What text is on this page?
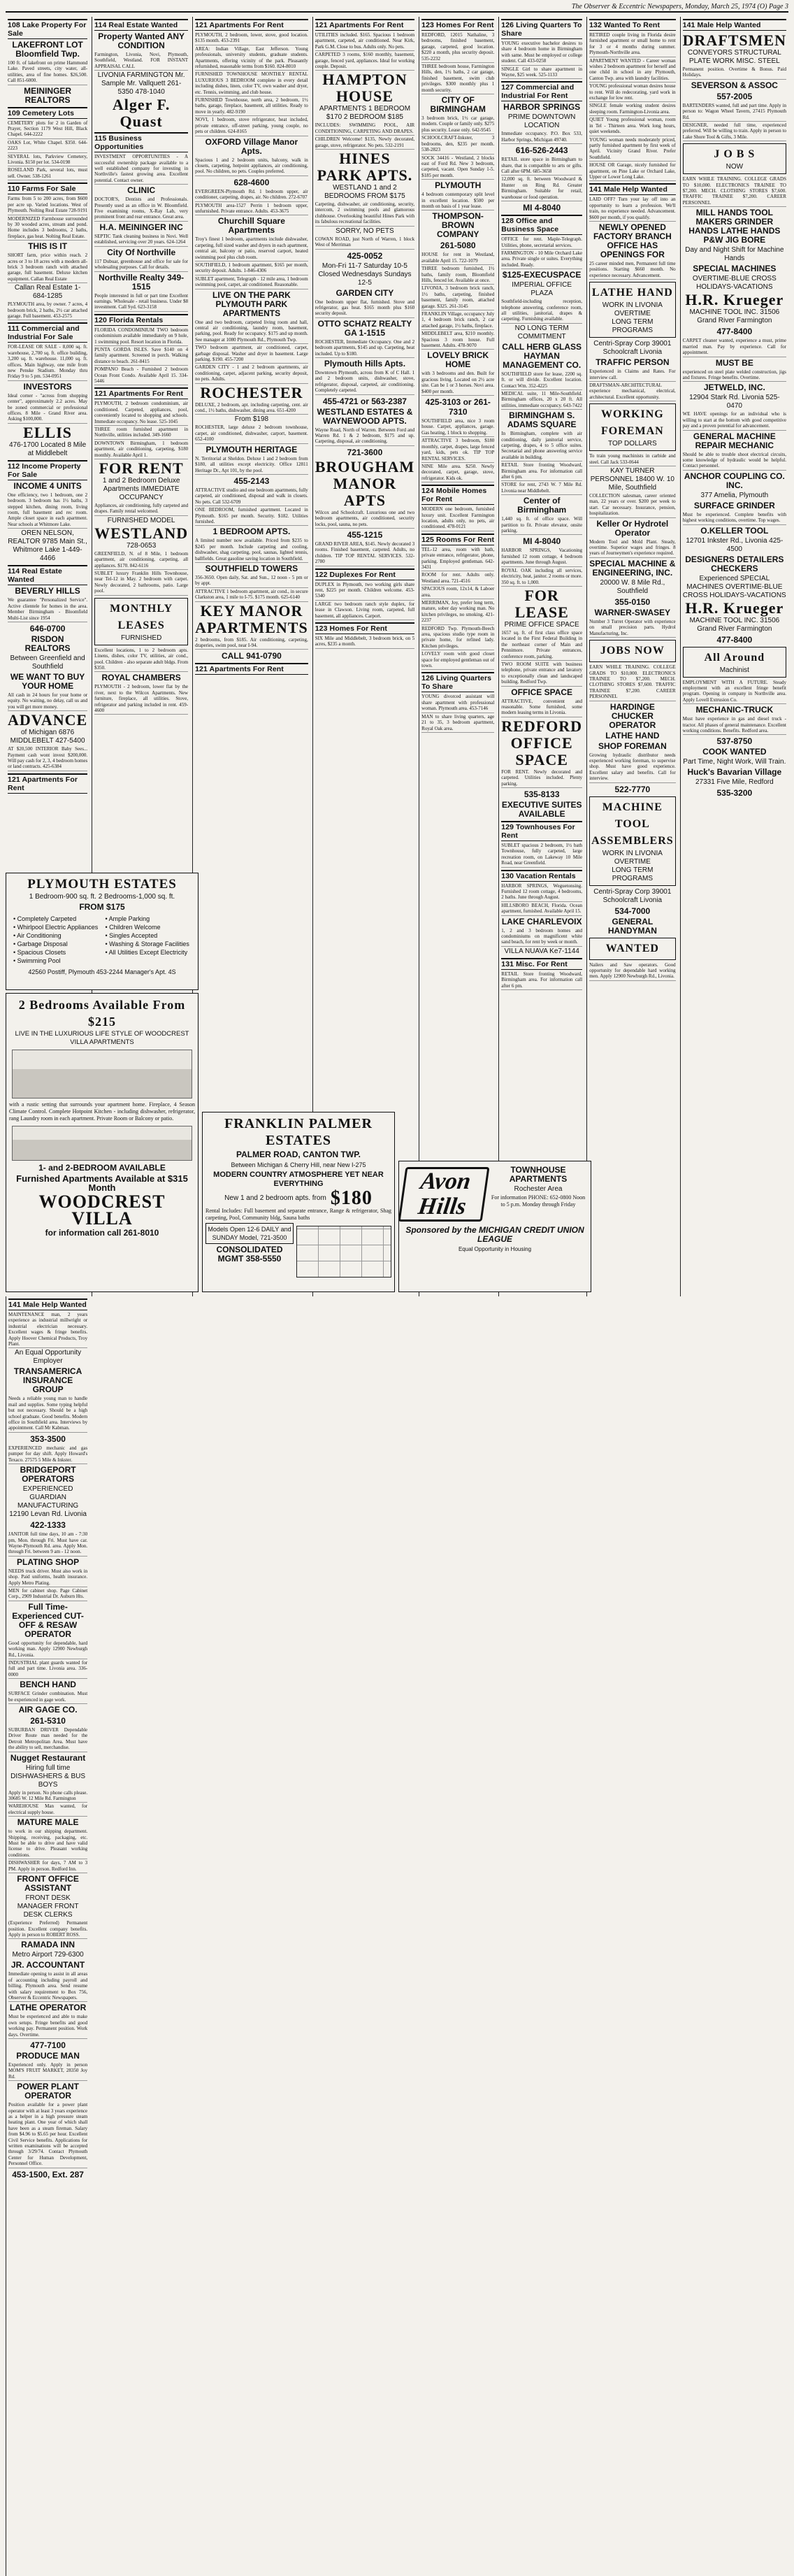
The Observer & Eccentric Newspapers, Monday, March 25, 1974 (O) Page 3
108 Lake Property For Sale
LAKEFRONT LOT Bloomfield Twp.
100 ft. of lakefront on prime Hammond Lake. Paved streets, city water, all-utilities, area of fine homes. $26,500. Call 851-6000.
MEININGER REALTORS
109 Cemetery Lots
CEMETERY plots for 2 in Garden of Prayer, Section 1179 West Hill, Black Chapel. 644-2222
OAKS Lot, White Chapel. $350. 644-2223
SEVERAL lots, Parkview Cemetery, Livonia. $150 per lot. 534-0198
ROSELAND Park, several lots, must sell. Owner. 538-1261
110 Farms For Sale
Farms from 5 to 200 acres, from $600 per acre up. Varied locations. West of Plymouth. Nolting Real Estate 728-9191
MODERNIZED Farmhouse surrounded by 30 wooded acres, stream and pond. Home includes 3 bedrooms, 2 baths, fireplace, gas heat. Nolting Real Estate.
THIS IS IT
SHORT farm, price within reach. 2 acres or 3 to 18 acres with a modern all-brick 3 bedroom ranch with attached garage, full basement. Deluxe kitchen equipment. Callan Real Estate
Callan Real Estate 1-684-1285
PLYMOUTH area, by owner. 7 acres, 4 bedroom brick, 2 baths, 2½ car attached garage. Full basement. 453-2575
111 Commercial and Industrial For Sale
FOR-LEASE OR SALE - 8,000 sq. ft. warehouse, 2,700 sq. ft. office building, 3,200 sq. ft. warehouse. 11,000 sq. ft. offices. Main highway, one mile from new Penske Stadium. Monday thru Friday 9 to 5 pm. 534-0951
INVESTORS
Ideal corner - "across from shopping center", approximately 2.2 acres. May be zoned commercial or professional offices. 8 Mile - Grand River area. Asking $100,000.
ELLIS
476-1700 Located 8 Mile at Middlebelt
112 Income Property For Sale
INCOME 4 UNITS
One efficiency, two 1 bedroom, one 2 bedroom. 3 bedroom has 1½ baths, 3 stepped kitchen, dining room, living room, full basement and rec room. Ample closet space in each apartment. Near schools at Whitmore Lake.
OREN NELSON, REALTOR 9785 Main St., Whitmore Lake 1-449-4466
114 Real Estate Wanted
BEVERLY HILLS
We guarantee "Personalized Service". Active clientele for homes in the area. Member Birmingham - Bloomfield Multi-List since 1954
646-0700
RISDON REALTORS
Between Greenfield and Southfield
WE WANT TO BUY YOUR HOME
All cash in 24 hours for your home or equity. No waiting, no delay, call us and you will get more money.
ADVANCE
of Michigan 6876 MIDDLEBELT 427-5400
AT $20,500 INTERIOR Baby Sees... Payment cash wont invest $200,000. Will pay cash for 2, 3, 4 bedroom homes or land contracts. 425-6384
121 Apartments For Rent
114 Real Estate Wanted
Property Wanted ANY CONDITION
Farmington, Livonia, Novi, Plymouth, Southfield, Westland. FOR INSTANT APPRAISAL CALL
LIVONIA FARMINGTON Mr. Sample Mr. Vallquett 261-5350 478-1040
Alger F. Quast
115 Business Opportunities
INVESTMENT OPPORTUNITIES - A successful ownership package available to a well established company for investing in Northville's fastest growing area. Excellent potential. Contact owner.
CLINIC
DOCTOR'S, Dentists and Professionals. Presently used as an office in W. Bloomfield. Five examining rooms, X-Ray Lab, very prominent front and rear entrance. Great area.
H.A. MEININGER INC
SEPTIC Tank cleaning business in Novi. Well established, servicing over 20 years. 624-1264
City Of Northville
117 Dubuar, greenhouse and office for sale for wholesaling purposes. Call for details.
Northville Realty 349-1515
People interested in full or part time Excellent earnings. Wholesale - retail business. Under $8 investment. Call Syd. 623-3158
120 Florida Rentals
FLORIDA CONDOMINIUM TWO bedroom condominium available immediately on 9 hole, 1 swimming pool. Resort location in Florida.
PUNTA GORDA ISLES. Save $140 on 4 family apartment. Screened in porch. Walking distance to beach. 261-8415
POMPANO Beach - Furnished 2 bedroom Ocean Front Condo. Available April 15. 334-5446
121 Apartments For Rent
PLYMOUTH, 2 bedroom condominium, air conditioned. Carpeted, appliances, pool, conveniently located to shopping and schools. Immediate occupancy. No lease. 525-1045
THREE room furnished apartment in Northville, utilities included. 349-1660
DOWNTOWN Birmingham, 1 bedroom apartment, air conditioning, carpeting, $180 monthly. Available April 1.
FOR RENT
1 and 2 Bedroom Deluxe Apartments IMMEDIATE OCCUPANCY
Appliances, air conditioning, fully carpeted and drapes. Family rental welcomed.
FURNISHED MODEL
WESTLAND
728-0653
GREENFIELD, N. of 8 Mile, 1 bedroom apartment, air conditioning, carpeting, all appliances. $170. 842-6116
SUBLET luxury Franklin Hills Townhouse, near Tel-12 in May. 2 bedroom with carpet. Newly decorated, 2 bathrooms, patio. Large pool.
MONTHLY LEASES
FURNISHED
Excellent locations, 1 to 2 bedroom apts. Linens, dishes, color TV, utilities, air cond., pool. Children - also separate adult bldgs. From $350.
ROYAL CHAMBERS
PLYMOUTH - 2 bedroom, lower flat by the river, next to the Wilcox Apartments. New furniture, fireplace, all utilities. Stove, refrigerator and parking included in rent. 459-4600
121 Apartments For Rent
PLYMOUTH, 2 bedroom, lower, stove, good location. $135 month. 453-2391
AREA: Indian Village, East Jefferson. Young professionals, university students, graduate students. Apartments, offering vicinity of the park. Pleasantly refurnished, reasonable terms from $160. 824-8010
FURNISHED TOWNHOUSE MONTHLY RENTAL LUXURIOUS 3 BEDROOM complete in every detail including dishes, linen, color TV, own washer and dryer, etc. Tennis, swimming, and club house.
FURNISHED Townhouse, north area, 2 bedroom, 1½ baths, garage, fireplace, basement, all utilities. Ready to move in yearly. 482-9190
NOVI, 1 bedroom, stove refrigerator, heat included, private entrance, off-street parking, young couple, no pets or children. 624-8165
OXFORD Village Manor Apts.
Spacious 1 and 2 bedroom units, balcony, walk in closets, carpeting, hotpoint appliances, air conditioning, pool. No children, no pets. Couples preferred.
628-4600
EVERGREEN-Plymouth Rd. 1 bedroom upper, air conditioner, carpeting, drapes, air. No children. 272-6707
PLYMOUTH area-1527 Perrin 1 bedroom upper, unfurnished. Private entrance. Adults. 453-3675
Churchill Square Apartments
Troy's finest 1 bedroom, apartments include dishwasher, carpeting, full sized washer and dryers in each apartment, central air, balcony or patio, reserved carport, heated swimming pool plus club room.
SOUTHFIELD, 1 bedroom apartment, $165 per month, security deposit. Adults. 1-846-4306
SUBLET apartment, Telegraph - 12 mile area, 1 bedroom swimming pool, carpet, air conditioned. Reasonable.
LIVE ON THE PARK PLYMOUTH PARK APARTMENTS
One and two bedroom, carpeted living room and hall, central air conditioning, laundry room, basement, parking, pool. Ready for occupancy. $175 and up month. See manager at 1080 Plymouth Rd., Plymouth Twp.
TWO bedroom apartment, air conditioned, carpet, garbage disposal. Washer and dryer in basement. Large parking. $190. 455-7200
GARDEN CITY - 1 and 2 bedroom apartments, air conditioning, carpet, adjacent parking, security deposit, no pets. Adults.
ROCHESTER
DELUXE, 2 bedroom, apt. including carpeting, cent. air cond., 1½ baths, dishwasher, dining area. 651-4200
From $198
ROCHESTER, large deluxe 2 bedroom townhouse, carpet, air conditioned, dishwasher, carport, basement. 652-4100
PLYMOUTH HERITAGE
N. Territorial at Sheldon. Deluxe 1 and 2 bedroom from $180, all utilities except electricity. Office 12811 Heritage Dr., Apt 101, by the pool.
455-2143
ATTRACTIVE studio and one bedroom apartments, fully carpeted, air conditioned, disposal and walk in closets. No pets. Call 532-6709
ONE BEDROOM, furnished apartment. Located in Plymouth. $165 per month. Security. $182. Utilities furnished.
1 BEDROOM APTS.
A limited number now available. Priced from $235 to $245 per month. Include carpeting and cooling, dishwasher, shag carpeting, pool, saunas, lighted tennis, ballfields. Great gasoline saving location in Southfield.
SOUTHFIELD TOWERS
356-3650. Open daily, Sat. and Sun., 12 noon - 5 pm or by appt.
ATTRACTIVE 1 bedroom apartment, air cond., in secure Clarkston area, 1 mile to I-75. $175 month. 625-6140
KEY MANOR APARTMENTS
2 bedrooms, from $185. Air conditioning, carpeting, draperies, swim pool, near I-94.
CALL 941-0790
121 Apartments For Rent
121 Apartments For Rent
UTILITIES included. $165. Spacious 1 bedroom apartment, carpeted, air conditioned. Near Kirk, Park G.M. Close to bus. Adults only. No pets.
CARPETED 3 rooms, $160 monthly, basement, garage, fenced yard, appliances. Ideal for working couple. Deposit.
HAMPTON HOUSE
APARTMENTS 1 BEDROOM $170 2 BEDROOM $185
INCLUDES: SWIMMING POOL, AIR CONDITIONING, CARPETING AND DRAPES.
CHILDREN Welcome! $135, Newly decorated, garage, stove, refrigerator. No pets. 532-2191
HINES PARK APTS.
WESTLAND 1 and 2 BEDROOMS FROM $175
Carpeting, dishwasher, air conditioning, security, intercom, 2 swimming pools and glamorous clubhouse. Overlooking beautiful Hines Park with its fabulous recreational facilities.
SORRY, NO PETS
COWAN ROAD, just North of Warren, 1 block West of Merriman
425-0052
Mon-Fri 11-7 Saturday 10-5 Closed Wednesdays Sundays 12-5
GARDEN CITY
One bedroom upper flat, furnished. Stove and refrigerator, gas heat. $165 month plus $160 security deposit.
OTTO SCHATZ REALTY GA 1-1515
ROCHESTER, Immediate Occupancy. One and 2 bedroom apartments, $145 and up. Carpeting, heat included. Up to $180.
Plymouth Hills Apts.
Downtown Plymouth, across from K of C Hall. 1 and 2 bedroom units, dishwasher, stove, refrigerator, disposal, carpeted, air conditioning. Completely carpeted.
455-4721 or 563-2387
WESTLAND ESTATES & WAYNEWOOD APTS.
Wayne Road, North of Warren. Between Ford and Warren Rd. 1 & 2 bedroom, $175 and up. Carpeting, disposal, air conditioning.
721-3600
BROUGHAM MANOR APTS
Wilcox and Schoolcraft. Luxurious one and two bedroom apartments, air conditioned, security locks, pool, sauna, no pets.
455-1215
GRAND RIVER AREA, $145. Newly decorated 3 rooms. Finished basement, carpeted. Adults, no children. TIP TOP RENTAL SERVICES. 532-2780
122 Duplexes For Rent
DUPLEX in Plymouth, two working girls share rent, $225 per month. Children welcome. 453-5340
LARGE two bedroom ranch style duplex, for lease in Clawson. Living room, carpeted, full basement, all appliances. Carport.
123 Homes For Rent
SIX Mile and Middlebelt, 3 bedroom brick, on 5 acres, $235 a month.
123 Homes For Rent
REDFORD, 12015 Nathaline, 3 bedrooms, finished basement, garage, carpeted, good location. $220 a month, plus security deposit. 535-2232
THREE bedroom house, Farmington Hills, den, 1½ baths, 2 car garage, finished basement, swim club privileges. $300 monthly plus 1 month security.
CITY OF BIRMINGHAM
3 bedroom brick, 1½ car garage, modern. Couple or family only. $275 plus security. Lease only. 642-9545
SCHOOLCRAFT-Inkster, 3 bedrooms, den, $235 per month. 538-2823
SOCK 34416 - Westland, 2 blocks east of Ford Rd. New 3 bedroom, carpeted, vacant. Open Sunday 1-5. $185 per month.
PLYMOUTH
4 bedroom contemporary split level in excellent location. $500 per month on basis of 1 year lease.
THOMPSON-BROWN COMPANY
261-5080
HOUSE for rent in Westland, available April 15. 722-1079
THREE bedroom furnished, 1½ baths, family room, Bloomfield Hills, fenced lot. Available at once.
LIVONIA, 3 bedroom brick ranch, 1½ baths, carpeting, finished basement, family room, attached garage. $325. 261-3145
FRANKLIN Village, occupancy July 1, 4 bedroom brick ranch, 2 car attached garage, 1½ baths, fireplace.
MIDDLEBELT area, $210 monthly. Spacious 3 room house. Full basement. Adults. 478-9070
LOVELY BRICK HOME
with 3 bedrooms and den. Built for gracious living. Located on 2½ acre site. Can be 1 or 3 horses. Novi area. $400 per month.
425-3103 or 261-7310
SOUTHFIELD area, nice 3 room house. Carpet, appliances, garage. Gas heating, 1 block to shopping.
ATTRACTIVE 3 bedroom, $180 monthly, carpet, drapes, large fenced yard, kids, pets ok. TIP TOP RENTAL SERVICES.
NINE Mile area. $250. Newly decorated, carpet, garage, stove, refrigerator. Kids ok.
124 Mobile Homes For Rent
MODERN one bedroom, furnished luxury unit. Excellent Farmington location, adults only, no pets, air conditioned. 478-0121
125 Rooms For Rent
TEL-12 area, room with bath, private entrance, refrigerator, phone, parking. Employed gentleman. 642-3431
ROOM for rent. Adults only. Westland area. 721-4516
SPACIOUS room, 12x14, & Laboer area.
MERRIMAN, Joy, prefer long term, mature, sober day working man. No kitchen privileges, no smoking. 421-2237
REDFORD Twp. Plymouth-Beech area, spacious studio type room in private home, for refined lady. Kitchen privileges.
LOVELY room with good closet space for employed gentleman out of town.
126 Living Quarters To Share
YOUNG divorced assistant will share apartment with professional woman. Plymouth area. 453-7146
MAN to share living quarters, age 21 to 35, 3 bedroom apartment, Royal Oak area.
126 Living Quarters To Share
YOUNG executive bachelor desires to share 4 bedroom home in Birmingham with same. Must be employed or college student. Call 433-0258
SINGLE Girl to share apartment in Wayne, $25 week. 525-1133
127 Commercial and Industrial For Rent
HARBOR SPRINGS
PRIME DOWNTOWN LOCATION
Immediate occupancy. P.O. Box 533, Harbor Springs, Michigan 49740.
616-526-2443
RETAIL store space in Birmingham to share, that is compatible to arts or gifts. Call after 6PM. 685-3658
12,000 sq. ft. between Woodward & Hunter on Ring Rd. Greater Birmingham. Suitable for retail, warehouse or food operation.
MI 4-8040
128 Office and Business Space
OFFICE for rent. Maple-Telegraph. Utilities, phone, secretarial services.
FARMINGTON - 10 Mile Orchard Lake area. Private single or suites. Everything included. Ready.
$125-EXECUSPACE
IMPERIAL OFFICE PLAZA
Southfield-including reception, telephone answering, conference room, all utilities, janitorial, drapes & carpeting. Furnishing available.
NO LONG TERM COMMITMENT
CALL HERB GLASS HAYMAN MANAGEMENT CO.
SOUTHFIELD store for lease, 2200 sq. ft. or will divide. Excellent location. Contact Wm. 352-4225
MEDICAL suite, 11 Mile-Southfield. Birmingham offices, 20 x 20 ft. All utilities, immediate occupancy. 643-7422
BIRMINGHAM S. ADAMS SQUARE
In Birmingham, complete with air conditioning, daily janitorial service, carpeting, drapes, 4 to 5 office suites. Secretarial and phone answering service available in building.
RETAIL Store fronting Woodward, Birmingham area. For information call after 6 pm.
STORE for rent, 2743 W. 7 Mile Rd. Livonia near Middlebelt.
Center of Birmingham
1,440 sq. ft. of office space. Will partition to fit. Private elevator, onsite parking.
MI 4-8040
HARBOR SPRINGS, Vacationing furnished 12 room cottage, 4 bedroom apartments. June through August.
ROYAL OAK including all services, electricity, heat, janitor. 2 rooms or more. 350 sq. ft. to 1,000.
FOR LEASE
PRIME OFFICE SPACE
1657 sq. ft. of first class office space located in the First Federal Building in the northeast corner of Main and Pennimore. Private entrances, conference room, parking.
TWO ROOM SUITE with business telephone, private entrance and lavatory to exceptionally clean and landscaped building. Redford Twp.
OFFICE SPACE
ATTRACTIVE, convenient and reasonable. Some furnished, some modern leasing terms in Livonia.
REDFORD OFFICE SPACE
FOR RENT. Newly decorated and carpeted. Utilities included. Plenty parking.
535-8133
EXECUTIVE SUITES AVAILABLE
129 Townhouses For Rent
SUBLET spacious 2 bedroom, 1½ bath Townhouse, fully carpeted, large recreation room, on Lakeway 10 Mile Road, near Greenfield.
130 Vacation Rentals
HARBOR SPRINGS, Weguetonsing. Furnished 12 room cottage, 4 bedrooms, 2 baths. June through August.
HILLSBORO BEACH, Florida. Ocean apartment, furnished. Available April 15.
LAKE CHARLEVOIX
1, 2 and 3 bedroom homes and condominiums on magnificent white sand beach, for rent by week or month.
VILLA NUAVA Ke7-1144
131 Misc. For Rent
RETAIL Store fronting Woodward, Birmingham area. For information call after 6 pm.
132 Wanted To Rent
RETIRED couple living in Florida desire furnished apartment or small home to rent for 3 or 4 months during summer. Plymouth-Northville area.
APARTMENT WANTED - Career woman wishes 2 bedroom apartment for herself and one child in school in any Plymouth, Canton Twp. area with laundry facilities.
YOUNG professional woman desires house to rent. Will do redecorating, yard work in exchange for low rent.
SINGLE female working student desires sleeping room. Farmington-Livonia area.
QUIET Young professional woman, room in Tel - Thirteen area. Work long hours, quiet weekends.
YOUNG woman needs moderately priced, partly furnished apartment by first week of April. Vicinity Grand River. Prefer Southfield.
HOUSE OR Garage, nicely furnished for apartment, on Pine Lake or Orchard Lake, Upper or Lower Long Lake.
141 Male Help Wanted
LAID OFF? Turn your lay off into an opportunity to learn a profession. We'll train, no experience needed. Advancement. $600 per month, if you qualify.
NEWLY OPENED FACTORY BRANCH OFFICE HAS OPENINGS FOR
25 career minded men, Permanent full time positions. Starting $660 month. No experience necessary. Advancement.
LATHE HAND
WORK IN LIVONIA
OVERTIME
LONG TERM PROGRAMS
Centri-Spray Corp 39001 Schoolcraft Livonia
TRAFFIC PERSON
Experienced in Claims and Rates. For interview call.
DRAFTSMAN-ARCHITECTURAL experience mechanical, electrical, architectural. Excellent opportunity.
WORKING FOREMAN
TOP DOLLARS
To train young machinists in carbide and steel. Call Jack 533-0644
KAY TURNER PERSONNEL 18400 W. 10 Mile, Southfield
COLLECTION salesman, career oriented man, 22 years or over. $200 per week to start. Car necessary. Insurance, pension, hospitalization.
Keller Or Hydrotel Operator
Modern Tool and Mold Plant. Steady, overtime. Superior wages and fringes. 8 years of Journeymen's experience required.
SPECIAL MACHINE & ENGINEERING, INC.
20000 W. 8 Mile Rd., Southfield
355-0150
WARNER-SWASEY
Number 3 Turret Operator with experience on small precision parts. Hydrol Manufacturing, Inc.
JOBS NOW
EARN WHILE TRAINING. COLLEGE GRADS TO $10,000. ELECTRONICS TRAINEE TO $7,200. MECH. CLOTHING STORES $7,600. TRAFFIC TRAINEE $7,200. CAREER PERSONNEL
HARDINGE CHUCKER OPERATOR
LATHE HAND
SHOP FOREMAN
Growing hydraulic distributor needs experienced working foreman, to supervise shop. Must have good experience. Excellent salary and benefits. Call for interview.
522-7770
MACHINE TOOL ASSEMBLERS
WORK IN LIVONIA
OVERTIME
LONG TERM PROGRAMS
Centri-Spray Corp 39001 Schoolcraft Livonia
534-7000
GENERAL HANDYMAN
WANTED
Nailers and Saw operators. Good opportunity for dependable hard working men. Apply 12900 Newburgh Rd., Livonia.
141 Male Help Wanted
DRAFTSMEN
CONVEYORS STRUCTURAL PLATE WORK MISC. STEEL
Permanent position. Overtime & Bonus. Paid Holidays.
SEVERSON & ASSOC
557-2005
BARTENDERS wanted, full and part time. Apply in person to: Wagon Wheel Tavern, 27415 Plymouth Rd.
DESIGNER, needed full time, experienced preferred. Will be willing to train. Apply in person to Lake Shore Tool & Gifts, 3 Mile.
J O B S
NOW
EARN WHILE TRAINING. COLLEGE GRADS TO $10,000. ELECTRONICS TRAINEE TO $7,200. MECH. CLOTHING STORES $7,600. TRAFFIC TRAINEE $7,200. CAREER PERSONNEL
MILL HANDS TOOL MAKERS GRINDER HANDS LATHE HANDS P&W JIG BORE
Day and Night Shift for Machine Hands
SPECIAL MACHINES
OVERTIME-BLUE CROSS HOLIDAYS-VACATIONS
H.R. Krueger
MACHINE TOOL INC. 31506 Grand River Farmington
477-8400
CARPET cleaner wanted, experience a must, prime married man. Pay by experience. Call for appointment.
MUST BE
experienced on steel plate welded construction, jigs and fixtures. Fringe benefits. Overtime.
JETWELD, INC.
12904 Stark Rd. Livonia 525-0470
WE HAVE openings for an individual who is willing to start at the bottom with good competitive pay and a proven potential for advancement.
GENERAL MACHINE REPAIR MECHANIC
Should be able to trouble shoot electrical circuits, some knowledge of hydraulic would be helpful. Contact personnel.
ANCHOR COUPLING CO. INC.
377 Amelia, Plymouth
SURFACE GRINDER
Must be experienced. Complete benefits with highest working conditions, overtime. Top wages.
O.KELLER TOOL
12701 Inkster Rd., Livonia 425-4500
DESIGNERS DETAILERS CHECKERS
Experienced SPECIAL MACHINES OVERTIME-BLUE CROSS HOLIDAYS-VACATIONS
H.R. Krueger
MACHINE TOOL INC. 31506 Grand River Farmington
477-8400
All Around
Machinist
EMPLOYMENT WITH A FUTURE. Steady employment with an excellent fringe benefit program. Opening in company in Northville area. Apply Lovell Extrusion Co.
MECHANIC-TRUCK
Must have experience in gas and diesel truck - tractor. All phases of general maintenance. Excellent working conditions. Benefits. Redford area.
537-8750
COOK WANTED
Part Time, Night Work, Will Train.
Huck's Bavarian Village
27331 Five Mile, Redford
535-3200
141 Male Help Wanted
MAINTENANCE man, 2 years experience as industrial millwright or industrial electrician necessary. Excellent wages & fringe benefits. Apply Hoover Chemical Products, Troy Plant.
An Equal Opportunity Employer
TRANSAMERICA INSURANCE GROUP
Needs a reliable young man to handle mail and supplies. Some typing helpful but not necessary. Should be a high school graduate. Good benefits. Modern office in Southfield area. Interviews by appointment. Call Mr Kabman.
353-3500
EXPERIENCED mechanic and gas pumper for day shift. Apply Howard's Texaco. 27575 5 Mile & Inkster.
BRIDGEPORT OPERATORS
EXPERIENCED GUARDIAN MANUFACTURING 12190 Levan Rd. Livonia
422-1333
JANITOR full time days, 10 am - 7:30 pm, Mon. through Fri. Must have car. Wayne-Plymouth Rd. area. Apply Mon. through Fri. between 9 am - 12 noon.
PLATING SHOP
NEEDS truck driver. Must also work in shop. Paid uniforms, health insurance. Apply Metro Plating.
MEN for cabinet shop. Page Cabinet Corp., 2909 Industrial Dr. Auburn Hts.
Full Time-Experienced CUT-OFF & RESAW OPERATOR
Good opportunity for dependable, hard working man. Apply 12900 Newburgh Rd., Livonia.
INDUSTRIAL plant guards wanted for full and part time. Livonia area. 336-0000
BENCH HAND
SURFACE Grinder combination. Must be experienced in gage work.
AIR GAGE CO.
261-5310
SUBURBAN DRIVER Dependable Driver Route man needed for the Detroit Metropolitan Area. Must have the ability to sell, merchandise.
Nugget Restaurant
Hiring full time DISHWASHERS & BUS BOYS
Apply in person. No phone calls please. 30685 W. 12 Mile Rd. Farmington
WAREHOUSE Man wanted, for electrical supply house.
MATURE MALE
to work in our shipping department. Shipping, receiving, packaging, etc. Must be able to drive and have valid license to drive. Pleasant working conditions.
DISHWASHER for days, 7 AM to 3 PM. Apply in person. Redford Inn.
FRONT OFFICE ASSISTANT
FRONT DESK MANAGER FRONT DESK CLERKS
(Experience Preferred) Permanent position. Excellent company benefits. Apply in person to ROBERT ROSS.
RAMADA INN
Metro Airport 729-6300
JR. ACCOUNTANT
Immediate opening to assist in all areas of accounting including payroll and billing. Plymouth area. Send resume with salary requirement to Box 756, Observer & Eccentric Newspapers.
LATHE OPERATOR
Must be experienced and able to make own setups. Fringe benefits and good working pay. Permanent position. Work days. Overtime.
477-7100
PRODUCE MAN
Experienced only. Apply in person MOM'S FRUIT MARKET, 28350 Joy Rd.
POWER PLANT OPERATOR
Position available for a power plant operator with at least 3 years experience as a helper in a high pressure steam heating plant. One year of which shall have been as a steam fireman. Salary from $4.96 to $5.65 per hour. Excellent Civil Service benefits. Applications for written examinations will be accepted through 3/29/74. Contact Plymouth Center for Human Development, Personnel Office.
453-1500, Ext. 287
PLYMOUTH ESTATES
1 Bedroom-900 sq. ft. 2 Bedrooms-1,000 sq. ft.
FROM $175
• Completely Carpeted
• Whirlpool Electric Appliances
• Air Conditioning
• Garbage Disposal
• Spacious Closets
• Swimming Pool
• Ample Parking
• Children Welcome
• Singles Accepted
• Washing & Storage Facilities
• All Utilities Except Electricity
42560 Postiff, Plymouth 453-2244 Manager's Apt. 4S
2 Bedrooms Available From $215
LIVE IN THE LUXURIOUS LIFE STYLE OF WOODCREST VILLA APARTMENTS
with a rustic setting that surrounds your apartment home. Fireplace, 4 Season Climate Control. Complete Hotpoint Kitchen - including dishwasher, refrigerator, rang Laundry room in each apartment. Private Room or Balcony or patio.
1- and 2-BEDROOM AVAILABLE
Furnished Apartments Available at $315 Month
WOODCREST VILLA
for information call 261-8010
FRANKLIN PALMER ESTATES
PALMER ROAD, CANTON TWP.
Between Michigan & Cherry Hill, near New I-275
MODERN COUNTRY ATMOSPHERE YET NEAR EVERYTHING
New 1 and 2 bedroom apts. from $180
Rental Includes: Full basement and separate entrance, Range & refrigerator, Shag carpeting, Pool, Community bldg, Sauna baths
Models Open 12-6 DAILY and SUNDAY Model, 721-3500
CONSOLIDATED MGMT 358-5550
Avon Hills
TOWNHOUSE APARTMENTS
Rochester Area
For information PHONE: 652-0800 Noon to 5 p.m. Monday through Friday
Sponsored by the MICHIGAN CREDIT UNION LEAGUE
Equal Opportunity in Housing
